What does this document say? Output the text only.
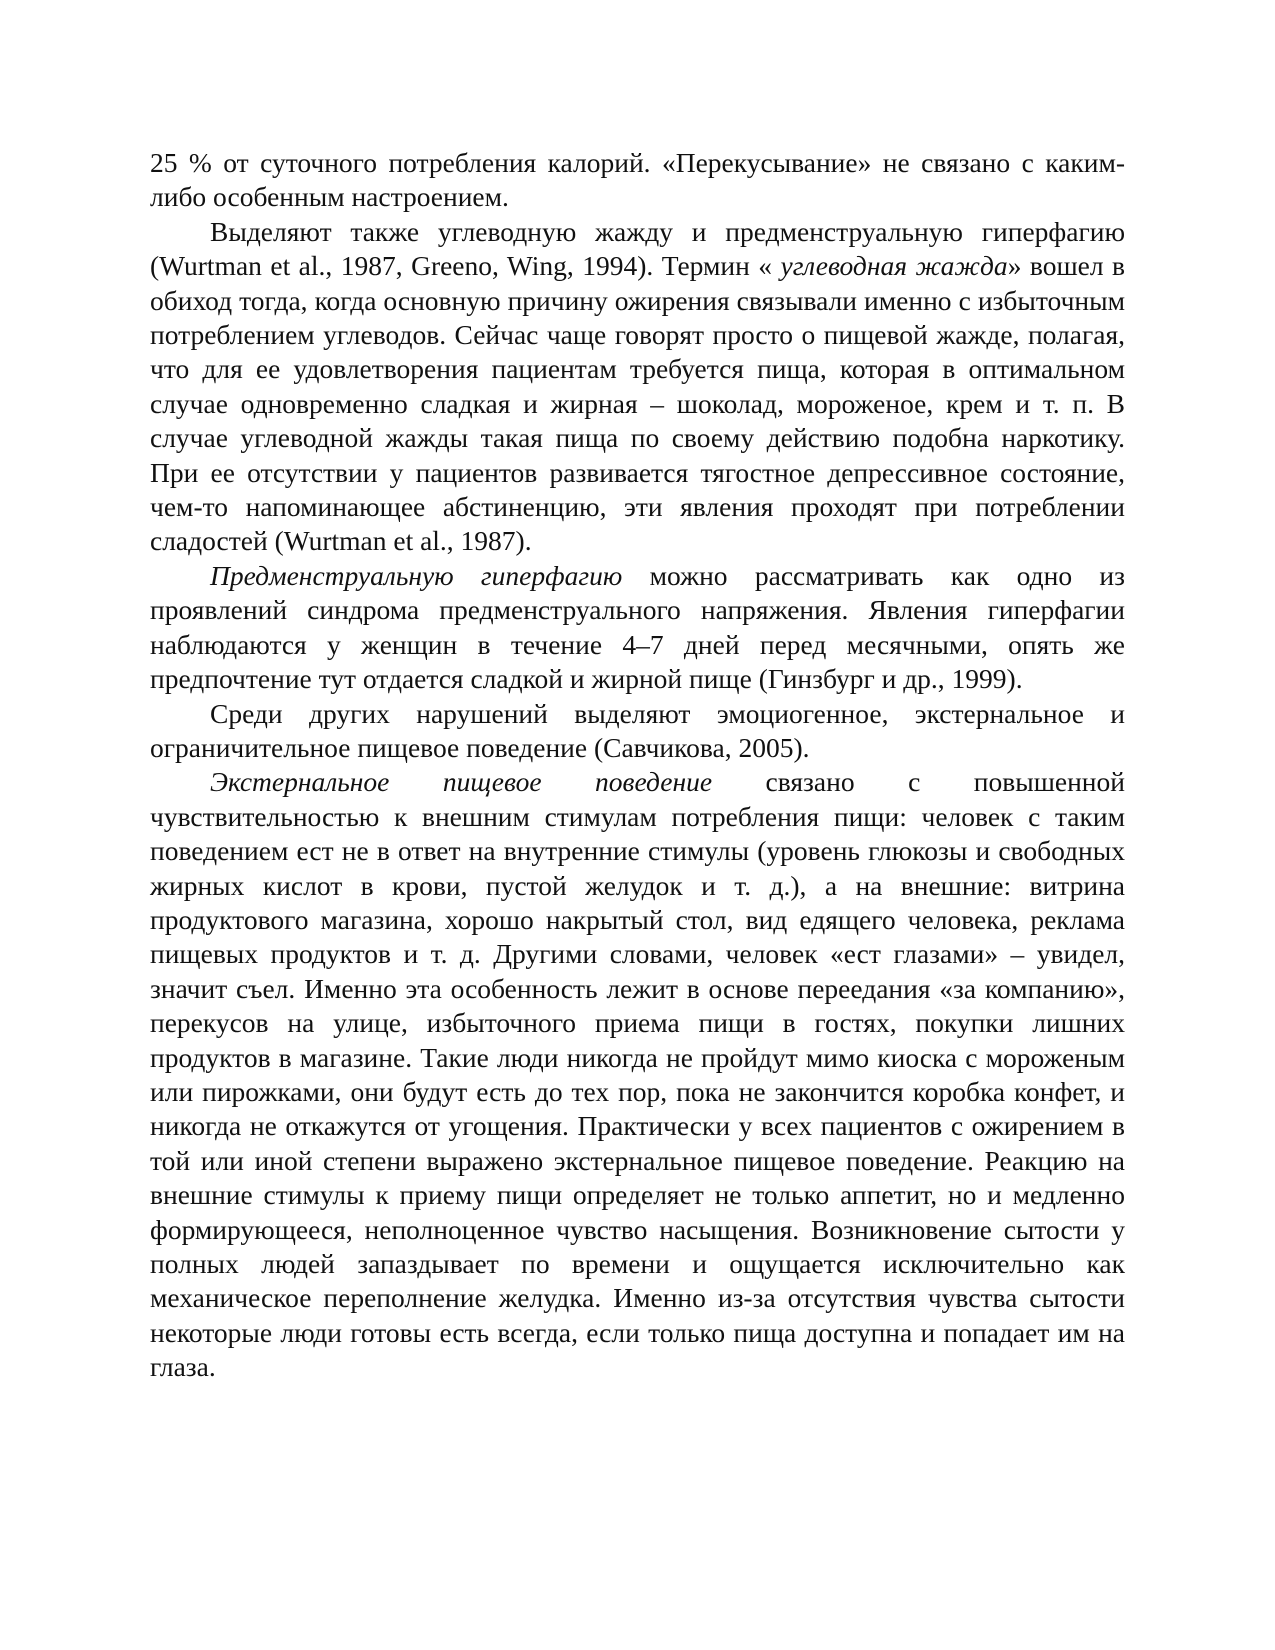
25 % от суточного потребления калорий. «Перекусывание» не связано с каким-либо особенным настроением.

Выделяют также углеводную жажду и предменструальную гиперфагию (Wurtman et al., 1987, Greeno, Wing, 1994). Термин « углеводная жажда» вошел в обиход тогда, когда основную причину ожирения связывали именно с избыточным потреблением углеводов. Сейчас чаще говорят просто о пищевой жажде, полагая, что для ее удовлетворения пациентам требуется пища, которая в оптимальном случае одновременно сладкая и жирная – шоколад, мороженое, крем и т. п. В случае углеводной жажды такая пища по своему действию подобна наркотику. При ее отсутствии у пациентов развивается тягостное депрессивное состояние, чем-то напоминающее абстиненцию, эти явления проходят при потреблении сладостей (Wurtman et al., 1987).

Предменструальную гиперфагию можно рассматривать как одно из проявлений синдрома предменструального напряжения. Явления гиперфагии наблюдаются у женщин в течение 4–7 дней перед месячными, опять же предпочтение тут отдается сладкой и жирной пище (Гинзбург и др., 1999).

Среди других нарушений выделяют эмоциогенное, экстернальное и ограничительное пищевое поведение (Савчикова, 2005).

Экстернальное пищевое поведение связано с повышенной чувствительностью к внешним стимулам потребления пищи: человек с таким поведением ест не в ответ на внутренние стимулы (уровень глюкозы и свободных жирных кислот в крови, пустой желудок и т. д.), а на внешние: витрина продуктового магазина, хорошо накрытый стол, вид едящего человека, реклама пищевых продуктов и т. д. Другими словами, человек «ест глазами» – увидел, значит съел. Именно эта особенность лежит в основе переедания «за компанию», перекусов на улице, избыточного приема пищи в гостях, покупки лишних продуктов в магазине. Такие люди никогда не пройдут мимо киоска с мороженым или пирожками, они будут есть до тех пор, пока не закончится коробка конфет, и никогда не откажутся от угощения. Практически у всех пациентов с ожирением в той или иной степени выражено экстернальное пищевое поведение. Реакцию на внешние стимулы к приему пищи определяет не только аппетит, но и медленно формирующееся, неполноценное чувство насыщения. Возникновение сытости у полных людей запаздывает по времени и ощущается исключительно как механическое переполнение желудка. Именно из-за отсутствия чувства сытости некоторые люди готовы есть всегда, если только пища доступна и попадает им на глаза.
